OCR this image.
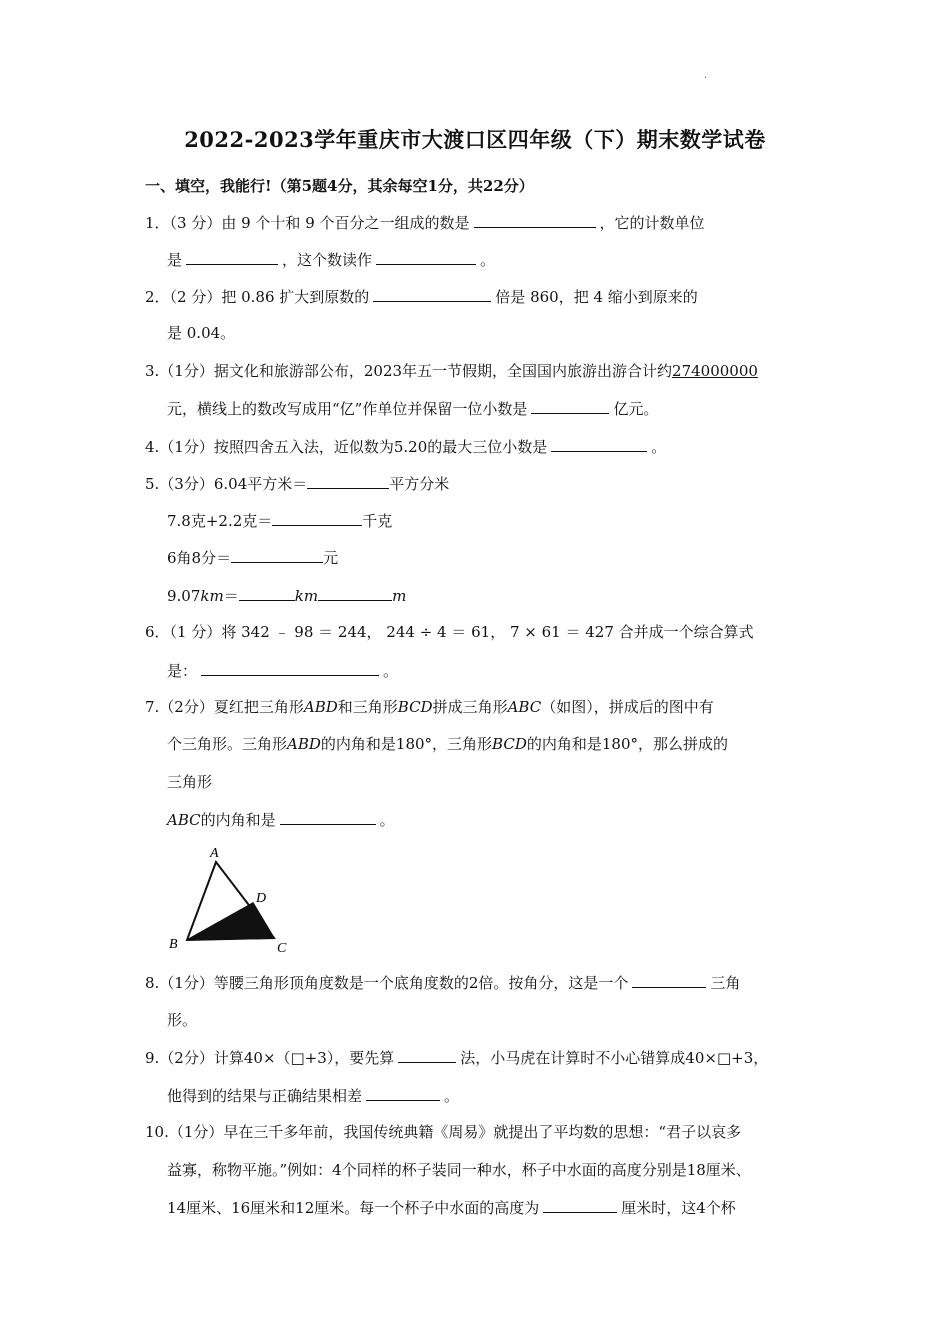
.
2022-2023学年重庆市大渡口区四年级（下）期末数学试卷
一、填空，我能行!（第5题4分，其余每空1分，共22分）
1．（3 分）由 9 个十和 9 个百分之一组成的数是	，它的计数单位
是	，这个数读作	。
2．（2 分）把 0.86 扩大到原数的	倍是 860，把 4 缩小到原来的
是 0.04。
3.（1分）据文化和旅游部公布，2023年五一节假期，全国国内旅游出游合计约274000000
元，横线上的数改写成用“亿”作单位并保留一位小数是	亿元。
4.（1分）按照四舍五入法，近似数为5.20的最大三位小数是	。
5.（3分）6.04平方米＝	平方分米
7.8克+2.2克＝	千克
6角8分＝	元
9.07km＝	km	m
6．（1 分）将 342 ﹣ 98 ＝ 244， 244 ÷ 4 ＝ 61， 7 × 61 ＝ 427 合并成一个综合算式
是：	。
7.（2分）夏红把三角形ABD和三角形BCD拼成三角形ABC（如图），拼成后的图中有
个三角形。三角形ABD的内角和是180°，三角形BCD的内角和是180°，那么拼成的
三角形
ABC的内角和是	。
A
B	C
D
8.（1分）等腰三角形顶角度数是一个底角度数的2倍。按角分，这是一个	三角
形。
9.（2分）计算40×（□+3），要先算	法，小马虎在计算时不小心错算成40×□+3，
他得到的结果与正确结果相差	。
10.（1分）早在三千多年前，我国传统典籍《周易》就提出了平均数的思想：“君子以哀多
益寡，称物平施。”例如：4个同样的杯子装同一种水，杯子中水面的高度分别是18厘米、
14厘米、16厘米和12厘米。每一个杯子中水面的高度为	厘米时，这4个杯
